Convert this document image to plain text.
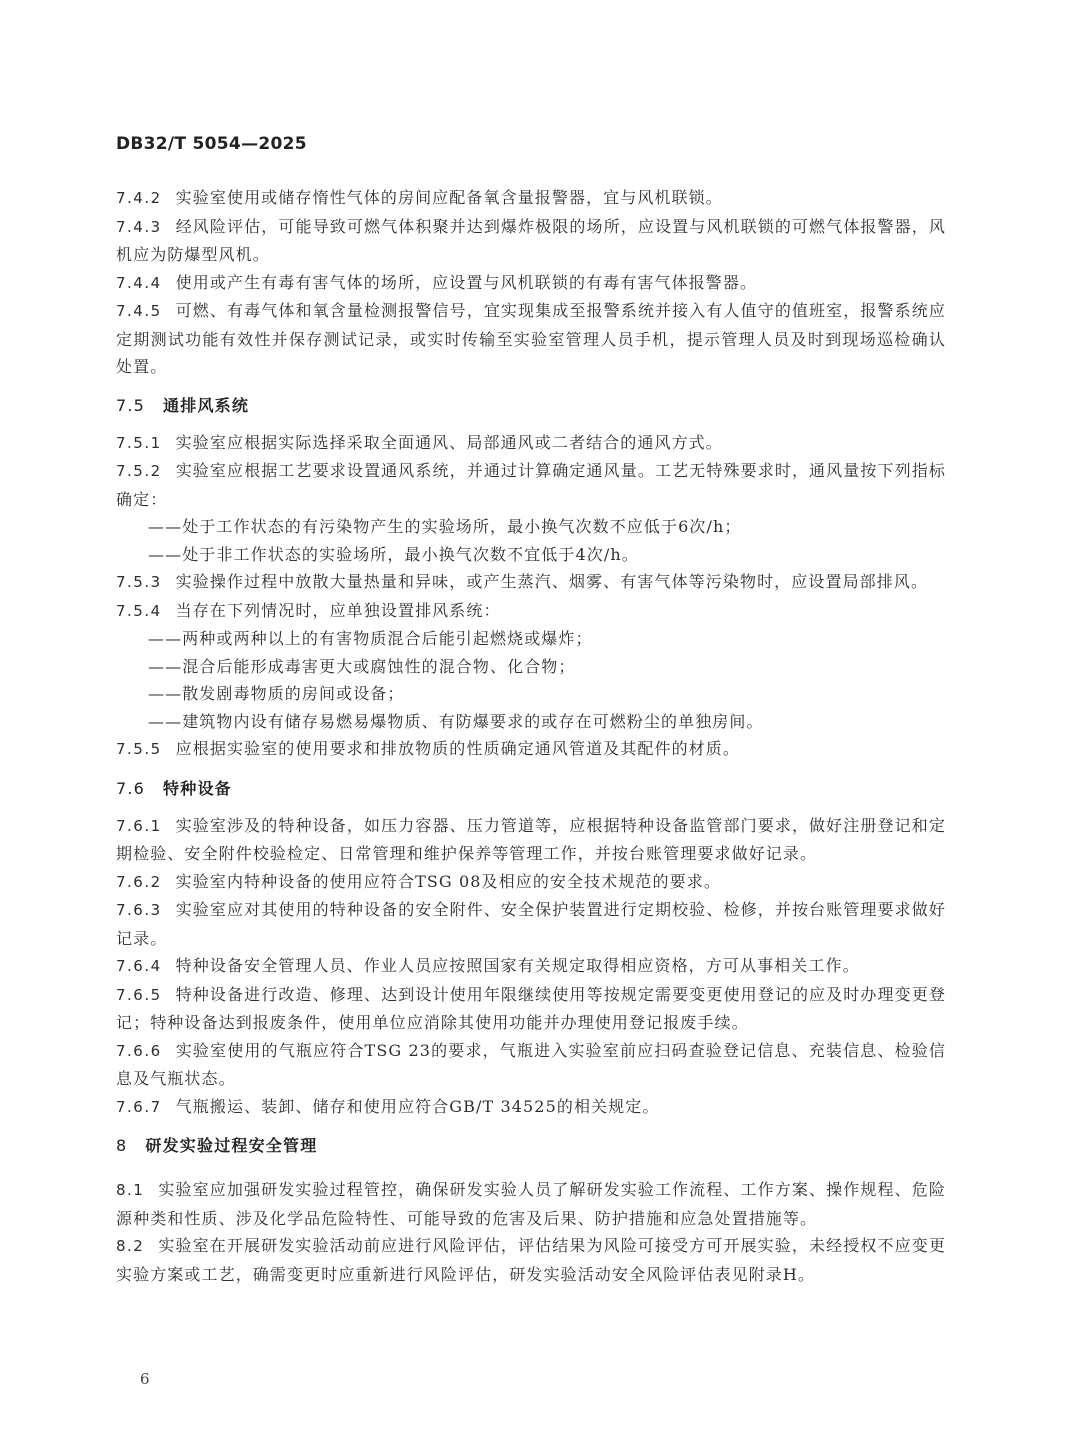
DB32/T 5054—2025

7.4.2 实验室使用或储存惰性气体的房间应配备氧含量报警器，宜与风机联锁。

7.4.3 经风险评估，可能导致可燃气体积聚并达到爆炸极限的场所，应设置与风机联锁的可燃气体报警器，风机应为防爆型风机。

7.4.4 使用或产生有毒有害气体的场所，应设置与风机联锁的有毒有害气体报警器。

7.4.5 可燃、有毒气体和氧含量检测报警信号，宜实现集成至报警系统并接入有人值守的值班室，报警系统应定期测试功能有效性并保存测试记录，或实时传输至实验室管理人员手机，提示管理人员及时到现场巡检确认处置。

7.5 通排风系统

7.5.1 实验室应根据实际选择采取全面通风、局部通风或二者结合的通风方式。

7.5.2 实验室应根据工艺要求设置通风系统，并通过计算确定通风量。工艺无特殊要求时，通风量按下列指标确定：

——处于工作状态的有污染物产生的实验场所，最小换气次数不应低于6次/h；

——处于非工作状态的实验场所，最小换气次数不宜低于4次/h。

7.5.3 实验操作过程中放散大量热量和异味，或产生蒸汽、烟雾、有害气体等污染物时，应设置局部排风。

7.5.4 当存在下列情况时，应单独设置排风系统：

——两种或两种以上的有害物质混合后能引起燃烧或爆炸；

——混合后能形成毒害更大或腐蚀性的混合物、化合物；

——散发剧毒物质的房间或设备；

——建筑物内设有储存易燃易爆物质、有防爆要求的或存在可燃粉尘的单独房间。

7.5.5 应根据实验室的使用要求和排放物质的性质确定通风管道及其配件的材质。

7.6 特种设备

7.6.1 实验室涉及的特种设备，如压力容器、压力管道等，应根据特种设备监管部门要求，做好注册登记和定期检验、安全附件校验检定、日常管理和维护保养等管理工作，并按台账管理要求做好记录。

7.6.2 实验室内特种设备的使用应符合TSG 08及相应的安全技术规范的要求。

7.6.3 实验室应对其使用的特种设备的安全附件、安全保护装置进行定期校验、检修，并按台账管理要求做好记录。

7.6.4 特种设备安全管理人员、作业人员应按照国家有关规定取得相应资格，方可从事相关工作。

7.6.5 特种设备进行改造、修理、达到设计使用年限继续使用等按规定需要变更使用登记的应及时办理变更登记；特种设备达到报废条件，使用单位应消除其使用功能并办理使用登记报废手续。

7.6.6 实验室使用的气瓶应符合TSG 23的要求，气瓶进入实验室前应扫码查验登记信息、充装信息、检验信息及气瓶状态。

7.6.7 气瓶搬运、装卸、储存和使用应符合GB/T 34525的相关规定。

8 研发实验过程安全管理

8.1 实验室应加强研发实验过程管控，确保研发实验人员了解研发实验工作流程、工作方案、操作规程、危险源种类和性质、涉及化学品危险特性、可能导致的危害及后果、防护措施和应急处置措施等。

8.2 实验室在开展研发实验活动前应进行风险评估，评估结果为风险可接受方可开展实验，未经授权不应变更实验方案或工艺，确需变更时应重新进行风险评估，研发实验活动安全风险评估表见附录H。

6
